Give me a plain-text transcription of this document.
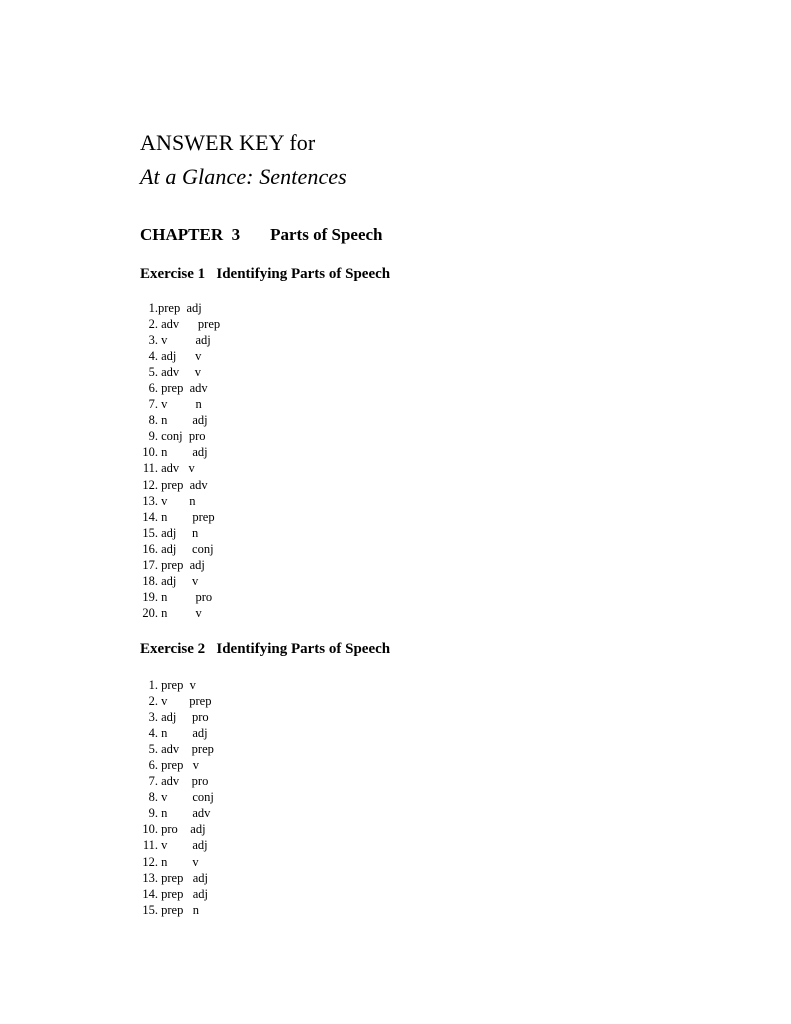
ANSWER KEY for
At a Glance: Sentences
CHAPTER  3 Parts of Speech
Exercise 1   Identifying Parts of Speech
1. prep  adj
2. adv      prep
3. v         adj
4. adj      v
5. adv     v
6. prep  adv
7. v         n
8. n        adj
9. conj  pro
10. n        adj
11. adv   v
12. prep  adv
13. v       n
14. n        prep
15. adj     n
16. adj     conj
17. prep  adj
18. adj     v
19. n         pro
20. n         v
Exercise 2   Identifying Parts of Speech
1. prep  v
2. v       prep
3. adj     pro
4. n        adj
5. adv    prep
6. prep   v
7. adv    pro
8. v        conj
9. n        adv
10. pro    adj
11. v        adj
12. n        v
13. prep   adj
14. prep   adj
15. prep   n
